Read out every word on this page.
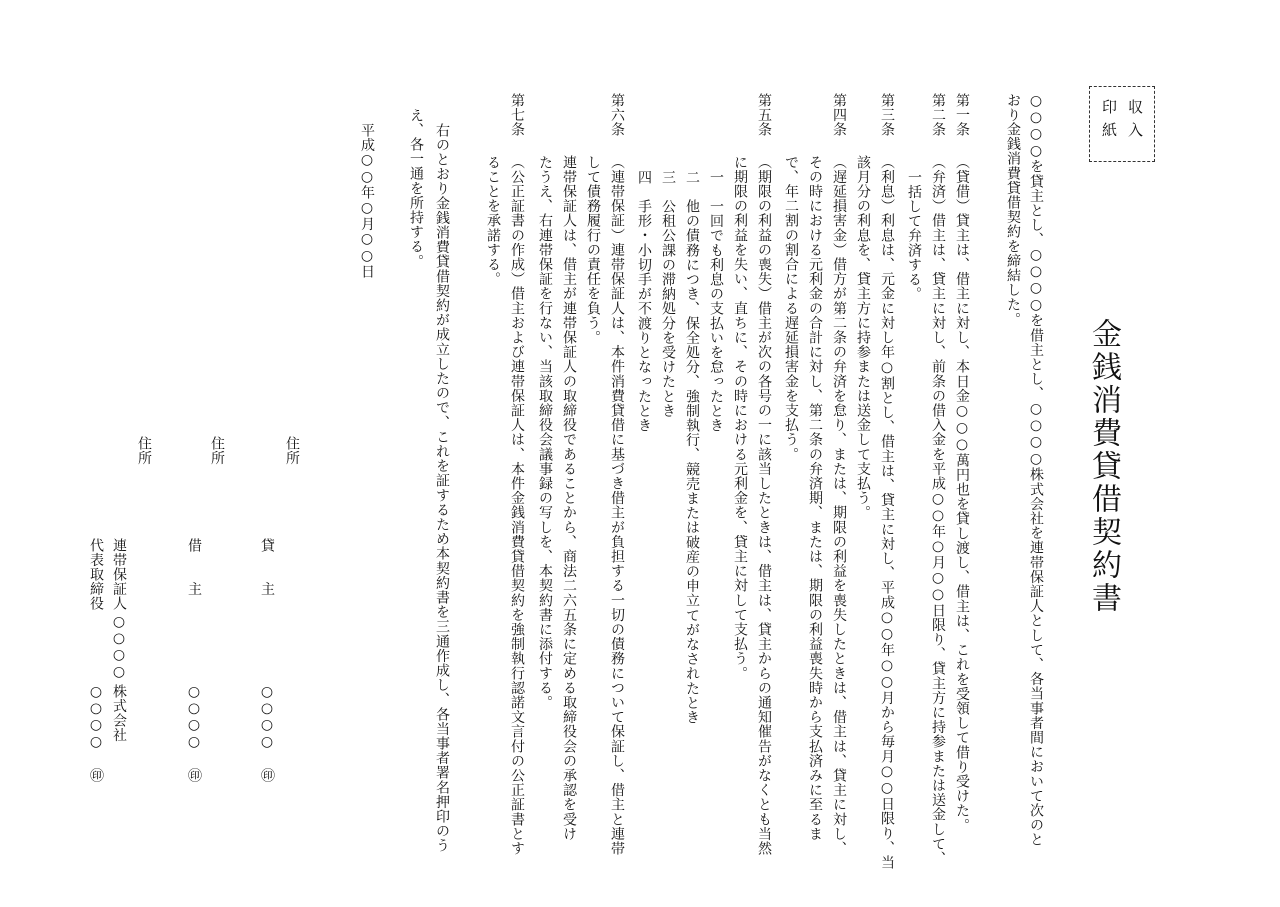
収入
印紙
金銭消費貸借契約書
○○○○を貸主とし、○○○○を借主とし、○○○○株式会社を連帯保証人として、各当事者間において次のと
おり金銭消費貸借契約を締結した。
第一条
（貸借）貸主は、借主に対し、本日金○○○萬円也を貸し渡し、借主は、これを受領して借り受けた。
第二条
（弁済）借主は、貸主に対し、前条の借入金を平成○○年○月○○日限り、貸主方に持参または送金して、
一括して弁済する。
第三条
（利息）利息は、元金に対し年○割とし、借主は、貸主に対し、平成○○年○○月から毎月○○日限り、当
該月分の利息を、貸主方に持参または送金して支払う。
第四条
（遅延損害金）借方が第二条の弁済を怠り、または、期限の利益を喪失したときは、借主は、貸主に対し、
その時における元利金の合計に対し、第二条の弁済期、または、期限の利益喪失時から支払済みに至るま
で、年二割の割合による遅延損害金を支払う。
第五条
（期限の利益の喪失）借主が次の各号の一に該当したときは、借主は、貸主からの通知催告がなくとも当然
に期限の利益を失い、直ちに、その時における元利金を、貸主に対して支払う。
一　一回でも利息の支払いを怠ったとき
二　他の債務につき、保全処分、強制執行、競売または破産の申立てがなされたとき
三　公租公課の滞納処分を受けたとき
四　手形・小切手が不渡りとなったとき
第六条
（連帯保証）連帯保証人は、本件消費貸借に基づき借主が負担する一切の債務について保証し、借主と連帯
して債務履行の責任を負う。
連帯保証人は、借主が連帯保証人の取締役であることから、商法二六五条に定める取締役会の承認を受け
たうえ、右連帯保証を行ない、当該取締役会議事録の写しを、本契約書に添付する。
第七条
（公正証書の作成）借主および連帯保証人は、本件金銭消費貸借契約を強制執行認諾文言付の公正証書とす
ることを承諾する。
右のとおり金銭消費貸借契約が成立したので、これを証するため本契約書を三通作成し、各当事者署名押印のう
え、各一通を所持する。
平成○○年○月○○日
住所
貸　　主
○○○○
㊞
住所
借　　主
○○○○
㊞
住所
連帯保証人
○○○○
株式会社
代表取締役
○○○○
㊞
